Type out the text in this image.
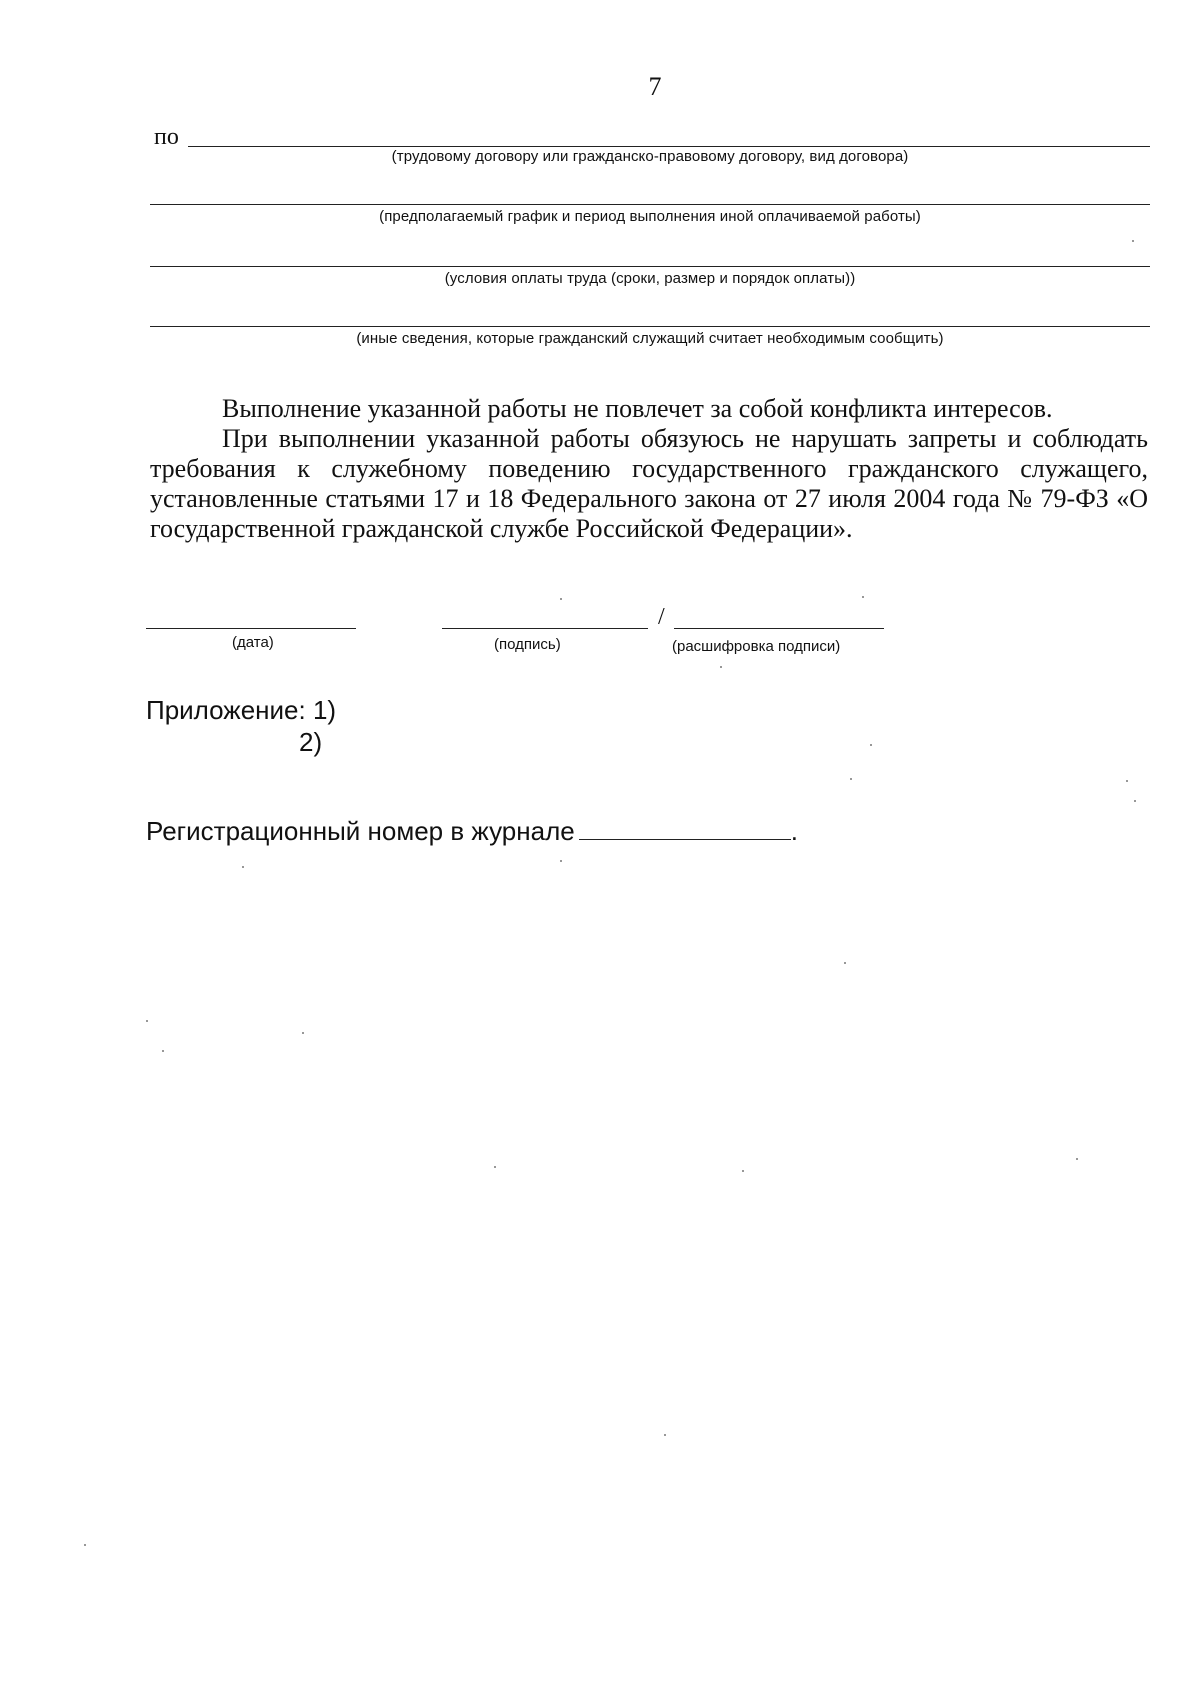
7
по
(трудовому договору или гражданско-правовому договору, вид договора)
(предполагаемый график и период выполнения иной оплачиваемой работы)
(условия оплаты труда (сроки, размер и порядок оплаты))
(иные сведения, которые гражданский служащий считает необходимым сообщить)
Выполнение указанной работы не повлечет за собой конфликта интересов.
При выполнении указанной работы обязуюсь не нарушать запреты и соблюдать требования к служебному поведению государственного гражданского служащего, установленные статьями 17 и 18 Федерального закона от 27 июля 2004 года № 79-ФЗ «О государственной гражданской службе Российской Федерации».
(дата)	(подпись)
/
(расшифровка подписи)
Приложение: 1)
2)
Регистрационный номер в журнале	.
